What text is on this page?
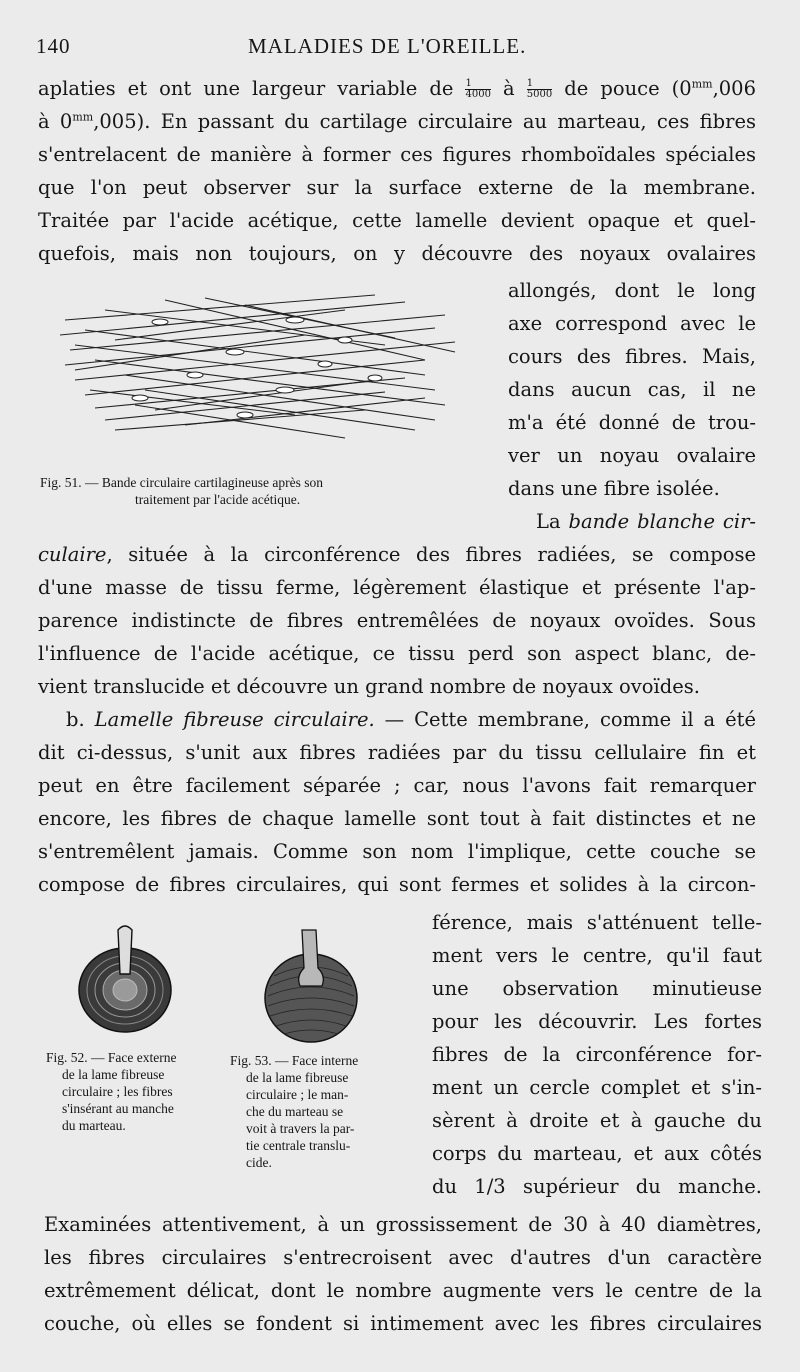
140	MALADIES DE L'OREILLE.
aplaties et ont une largeur variable de $\frac{1}{4000}$ à $\frac{1}{5000}$ de pouce ($0^{mm},006$
à $0^{mm},005$). En passant du cartilage circulaire au marteau, ces fibres
s'entrelacent de manière à former ces figures rhomboïdales spéciales
que l'on peut observer sur la surface externe de la membrane.
Traitée par l'acide acétique, cette lamelle devient opaque et quel-
quefois, mais non toujours, on y découvre des noyaux ovalaires
Fig. 51. — Bande circulaire cartilagineuse après son
traitement par l'acide acétique.
allongés, dont le long
axe correspond avec le
cours des fibres. Mais,
dans aucun cas, il ne
m'a été donné de trou-
ver un noyau ovalaire
dans une fibre isolée.
La bande blanche cir-
culaire, située à la circonférence des fibres radiées, se compose
d'une masse de tissu ferme, légèrement élastique et présente l'ap-
parence indistincte de fibres entremêlées de noyaux ovoïdes. Sous
l'influence de l'acide acétique, ce tissu perd son aspect blanc, de-
vient translucide et découvre un grand nombre de noyaux ovoïdes.
b. Lamelle fibreuse circulaire. — Cette membrane, comme il a été
dit ci-dessus, s'unit aux fibres radiées par du tissu cellulaire fin et
peut en être facilement séparée ; car, nous l'avons fait remarquer
encore, les fibres de chaque lamelle sont tout à fait distinctes et ne
s'entremêlent jamais. Comme son nom l'implique, cette couche se
compose de fibres circulaires, qui sont fermes et solides à la circon-
Fig. 52. — Face externe
de la lame fibreuse
circulaire ; les fibres
s'insérant au manche
du marteau.
Fig. 53. — Face interne
de la lame fibreuse
circulaire ; le man-
che du marteau se
voit à travers la par-
tie centrale translu-
cide.
férence, mais s'atténuent telle-
ment vers le centre, qu'il faut
une observation minutieuse
pour les découvrir. Les fortes
fibres de la circonférence for-
ment un cercle complet et s'in-
sèrent à droite et à gauche du
corps du marteau, et aux côtés
du 1/3 supérieur du manche.
Examinées attentivement, à un grossissement de 30 à 40 diamètres,
les fibres circulaires s'entrecroisent avec d'autres d'un caractère
extrêmement délicat, dont le nombre augmente vers le centre de la
couche, où elles se fondent si intimement avec les fibres circulaires
